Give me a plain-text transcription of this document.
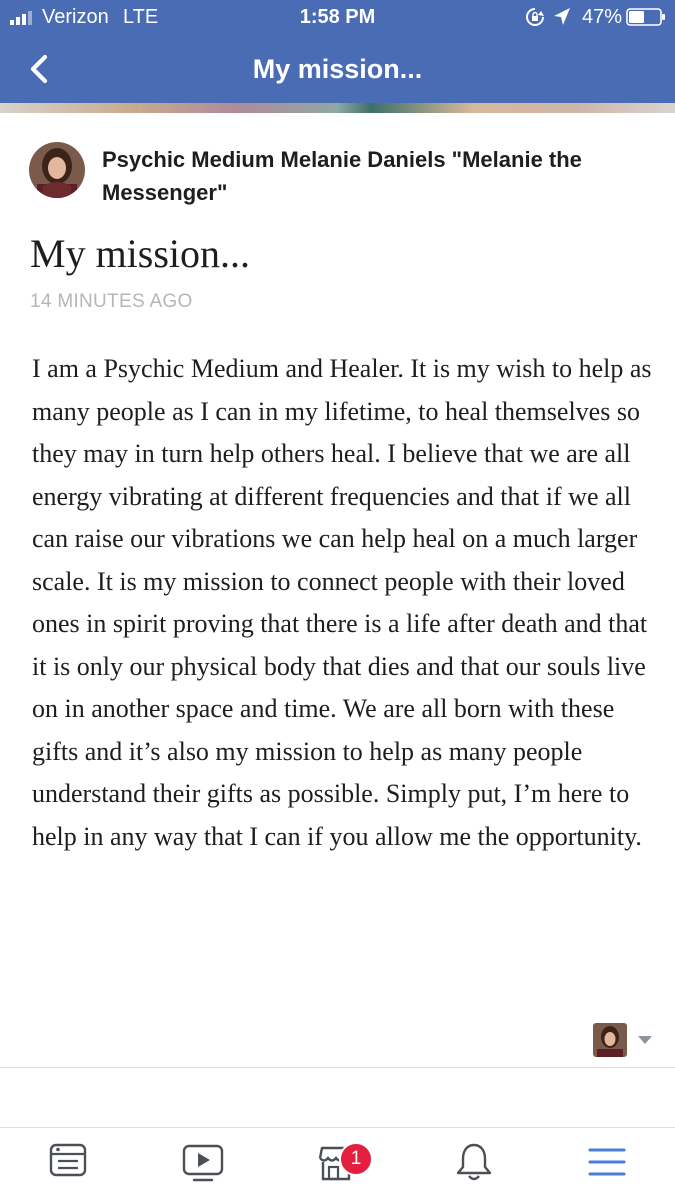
Verizon LTE	1:58 PM	47%
My mission...
Psychic Medium Melanie Daniels "Melanie the Messenger"
My mission...
14 MINUTES AGO

I am a Psychic Medium and Healer. It is my wish to help as many people as I can in my lifetime, to heal themselves so they may in turn help others heal. I believe that we are all energy vibrating at different frequencies and that if we all can raise our vibrations we can help heal on a much larger scale. It is my mission to connect people with their loved ones in spirit proving that there is a life after death and that it is only our physical body that dies and that our souls live on in another space and time. We are all born with these gifts and it’s also my mission to help as many people understand their gifts as possible. Simply put, I’m here to help in any way that I can if you allow me the opportunity.

1
